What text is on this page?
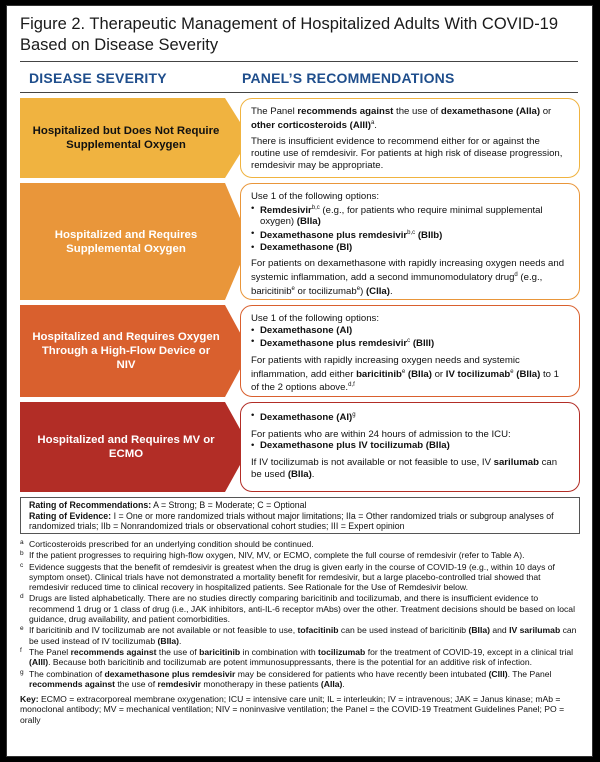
Figure 2. Therapeutic Management of Hospitalized Adults With COVID-19 Based on Disease Severity
DISEASE SEVERITY	PANEL’S RECOMMENDATIONS
Hospitalized but Does Not Require Supplemental Oxygen

The Panel recommends against the use of dexamethasone (AIIa) or other corticosteroids (AIII)$^a$.

There is insufficient evidence to recommend either for or against the routine use of remdesivir. For patients at high risk of disease progression, remdesivir may be appropriate.

Hospitalized and Requires Supplemental Oxygen

Use 1 of the following options:

• Remdesivir$^{b,c}$ (e.g., for patients who require minimal supplemental oxygen) (BIIa)
• Dexamethasone plus remdesivir$^{b,c}$ (BIIb)
• Dexamethasone (BI)

For patients on dexamethasone with rapidly increasing oxygen needs and systemic inflammation, add a second immunomodulatory drug$^d$ (e.g., baricitinib$^e$ or tocilizumab$^e$) (CIIa).

Hospitalized and Requires Oxygen Through a High-Flow Device or NIV

Use 1 of the following options:

• Dexamethasone (AI)
• Dexamethasone plus remdesivir$^c$ (BIII)

For patients with rapidly increasing oxygen needs and systemic inflammation, add either baricitinib$^e$ (BIIa) or IV tocilizumab$^e$ (BIIa) to 1 of the 2 options above.$^{d,f}$

Hospitalized and Requires MV or ECMO
• Dexamethasone (AI)$^g$

For patients who are within 24 hours of admission to the ICU:

• Dexamethasone plus IV tocilizumab (BIIa)

If IV tocilizumab is not available or not feasible to use, IV sarilumab can be used (BIIa).

Rating of Recommendations: A = Strong; B = Moderate; C = Optional
Rating of Evidence: I = One or more randomized trials without major limitations; IIa = Other randomized trials or subgroup analyses of randomized trials; IIb = Nonrandomized trials or observational cohort studies; III = Expert opinion
a Corticosteroids prescribed for an underlying condition should be continued.
b If the patient progresses to requiring high-flow oxygen, NIV, MV, or ECMO, complete the full course of remdesivir (refer to Table A).
c Evidence suggests that the benefit of remdesivir is greatest when the drug is given early in the course of COVID-19 (e.g., within 10 days of symptom onset). Clinical trials have not demonstrated a mortality benefit for remdesivir, but a large placebo-controlled trial showed that remdesivir reduced time to clinical recovery in hospitalized patients. See Rationale for the Use of Remdesivir below.
d Drugs are listed alphabetically. There are no studies directly comparing baricitinib and tocilizumab, and there is insufficient evidence to recommend 1 drug or 1 class of drug (i.e., JAK inhibitors, anti-IL-6 receptor mAbs) over the other. Treatment decisions should be based on local guidance, drug availability, and patient comorbidities.
e If baricitinib and IV tocilizumab are not available or not feasible to use, tofacitinib can be used instead of baricitinib (BIIa) and IV sarilumab can be used instead of IV tocilizumab (BIIa).
f The Panel recommends against the use of baricitinib in combination with tocilizumab for the treatment of COVID-19, except in a clinical trial (AIII). Because both baricitinib and tocilizumab are potent immunosuppressants, there is the potential for an additive risk of infection.
g The combination of dexamethasone plus remdesivir may be considered for patients who have recently been intubated (CIII). The Panel recommends against the use of remdesivir monotherapy in these patients (AIIa).
Key: ECMO = extracorporeal membrane oxygenation; ICU = intensive care unit; IL = interleukin; IV = intravenous; JAK = Janus kinase; mAb = monoclonal antibody; MV = mechanical ventilation; NIV = noninvasive ventilation; the Panel = the COVID-19 Treatment Guidelines Panel; PO = orally
